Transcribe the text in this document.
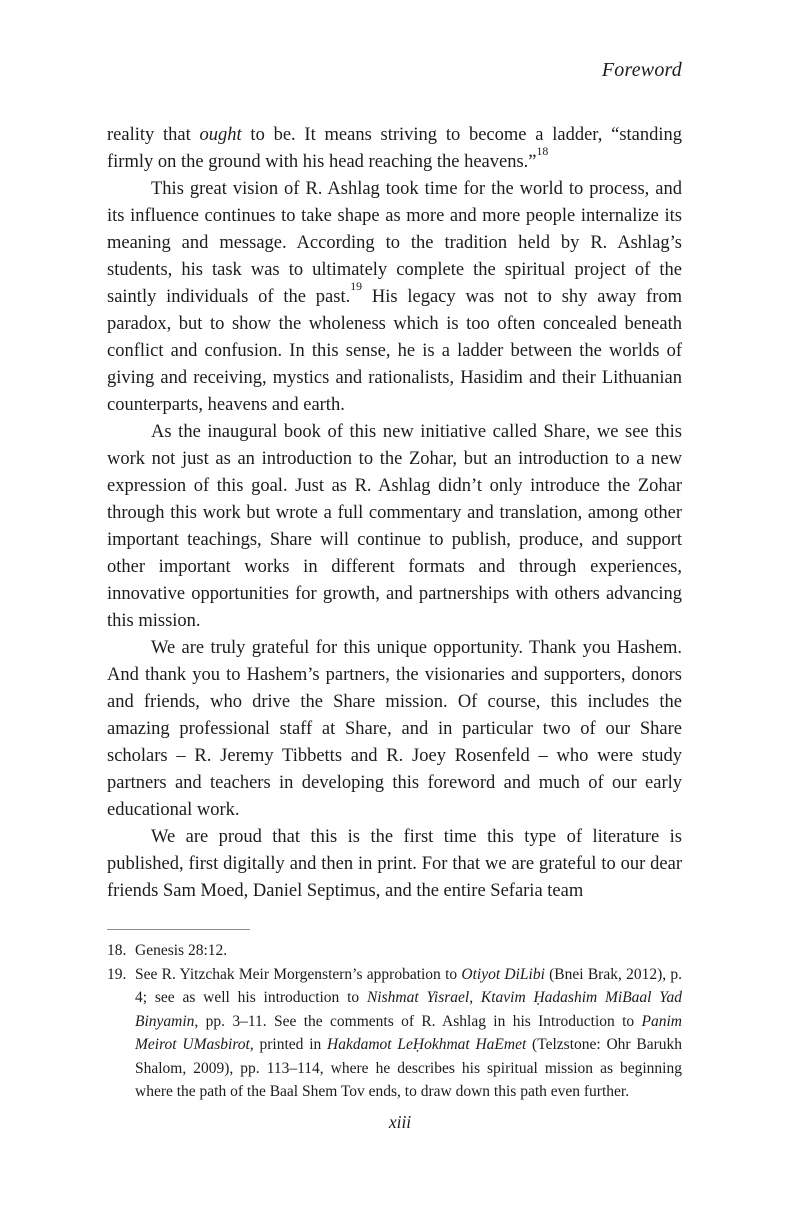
Foreword

reality that ought to be. It means striving to become a ladder, “standing firmly on the ground with his head reaching the heavens.”$^{18}$

This great vision of R. Ashlag took time for the world to process, and its influence continues to take shape as more and more people internalize its meaning and message. According to the tradition held by R. Ashlag’s students, his task was to ultimately complete the spiritual project of the saintly individuals of the past.$^{19}$ His legacy was not to shy away from paradox, but to show the wholeness which is too often concealed beneath conflict and confusion. In this sense, he is a ladder between the worlds of giving and receiving, mystics and rationalists, Hasidim and their Lithuanian counterparts, heavens and earth.

As the inaugural book of this new initiative called Share, we see this work not just as an introduction to the Zohar, but an introduction to a new expression of this goal. Just as R. Ashlag didn’t only introduce the Zohar through this work but wrote a full commentary and translation, among other important teachings, Share will continue to publish, produce, and support other important works in different formats and through experiences, innovative opportunities for growth, and partnerships with others advancing this mission.

We are truly grateful for this unique opportunity. Thank you Hashem. And thank you to Hashem’s partners, the visionaries and supporters, donors and friends, who drive the Share mission. Of course, this includes the amazing professional staff at Share, and in particular two of our Share scholars – R. Jeremy Tibbetts and R. Joey Rosenfeld – who were study partners and teachers in developing this foreword and much of our early educational work.

We are proud that this is the first time this type of literature is published, first digitally and then in print. For that we are grateful to our dear friends Sam Moed, Daniel Septimus, and the entire Sefaria team

18. Genesis 28:12.
19. See R. Yitzchak Meir Morgenstern’s approbation to Otiyot DiLibi (Bnei Brak, 2012), p. 4; see as well his introduction to Nishmat Yisrael, Ktavim Ḥadashim MiBaal Yad Binyamin, pp. 3–11. See the comments of R. Ashlag in his Introduction to Panim Meirot UMasbirot, printed in Hakdamot LeḤokhmat HaEmet (Telzstone: Ohr Barukh Shalom, 2009), pp. 113–114, where he describes his spiritual mission as beginning where the path of the Baal Shem Tov ends, to draw down this path even further.
xiii
